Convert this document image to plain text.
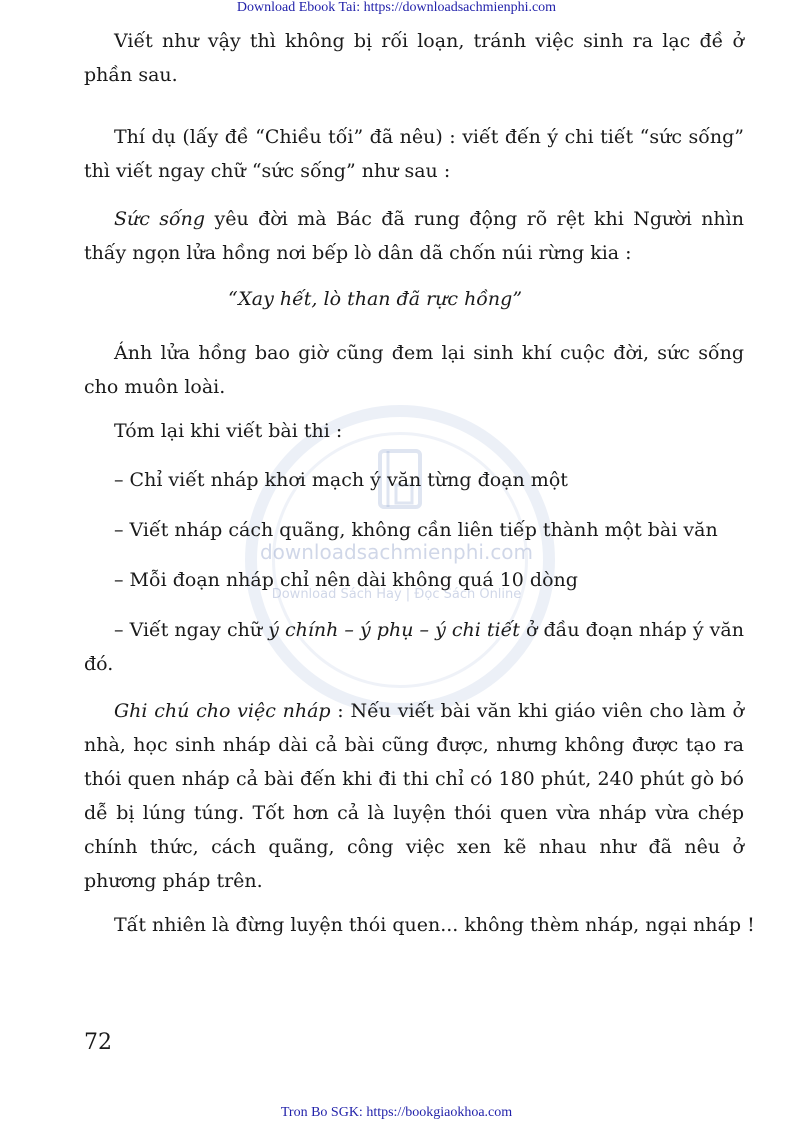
Download Ebook Tai: https://downloadsachmienphi.com
downloadsachmienphi.com
Download Sách Hay | Đọc Sách Online

Viết như vậy thì không bị rối loạn, tránh việc sinh ra lạc đề ở phần sau.

Thí dụ (lấy đề “Chiều tối” đã nêu) : viết đến ý chi tiết “sức sống” thì viết ngay chữ “sức sống” như sau :

Sức sống yêu đời mà Bác đã rung động rõ rệt khi Người nhìn thấy ngọn lửa hồng nơi bếp lò dân dã chốn núi rừng kia :

“Xay hết, lò than đã rực hồng”

Ánh lửa hồng bao giờ cũng đem lại sinh khí cuộc đời, sức sống cho muôn loài.

Tóm lại khi viết bài thi :
– Chỉ viết nháp khơi mạch ý văn từng đoạn một
– Viết nháp cách quãng, không cần liên tiếp thành một bài văn
– Mỗi đoạn nháp chỉ nên dài không quá 10 dòng

– Viết ngay chữ ý chính – ý phụ – ý chi tiết ở đầu đoạn nháp ý văn đó.

Ghi chú cho việc nháp : Nếu viết bài văn khi giáo viên cho làm ở nhà, học sinh nháp dài cả bài cũng được, nhưng không được tạo ra thói quen nháp cả bài đến khi đi thi chỉ có 180 phút, 240 phút gò bó dễ bị lúng túng. Tốt hơn cả là luyện thói quen vừa nháp vừa chép chính thức, cách quãng, công việc xen kẽ nhau như đã nêu ở phương pháp trên.

Tất nhiên là đừng luyện thói quen... không thèm nháp, ngại nháp !
72
Tron Bo SGK: https://bookgiaokhoa.com
